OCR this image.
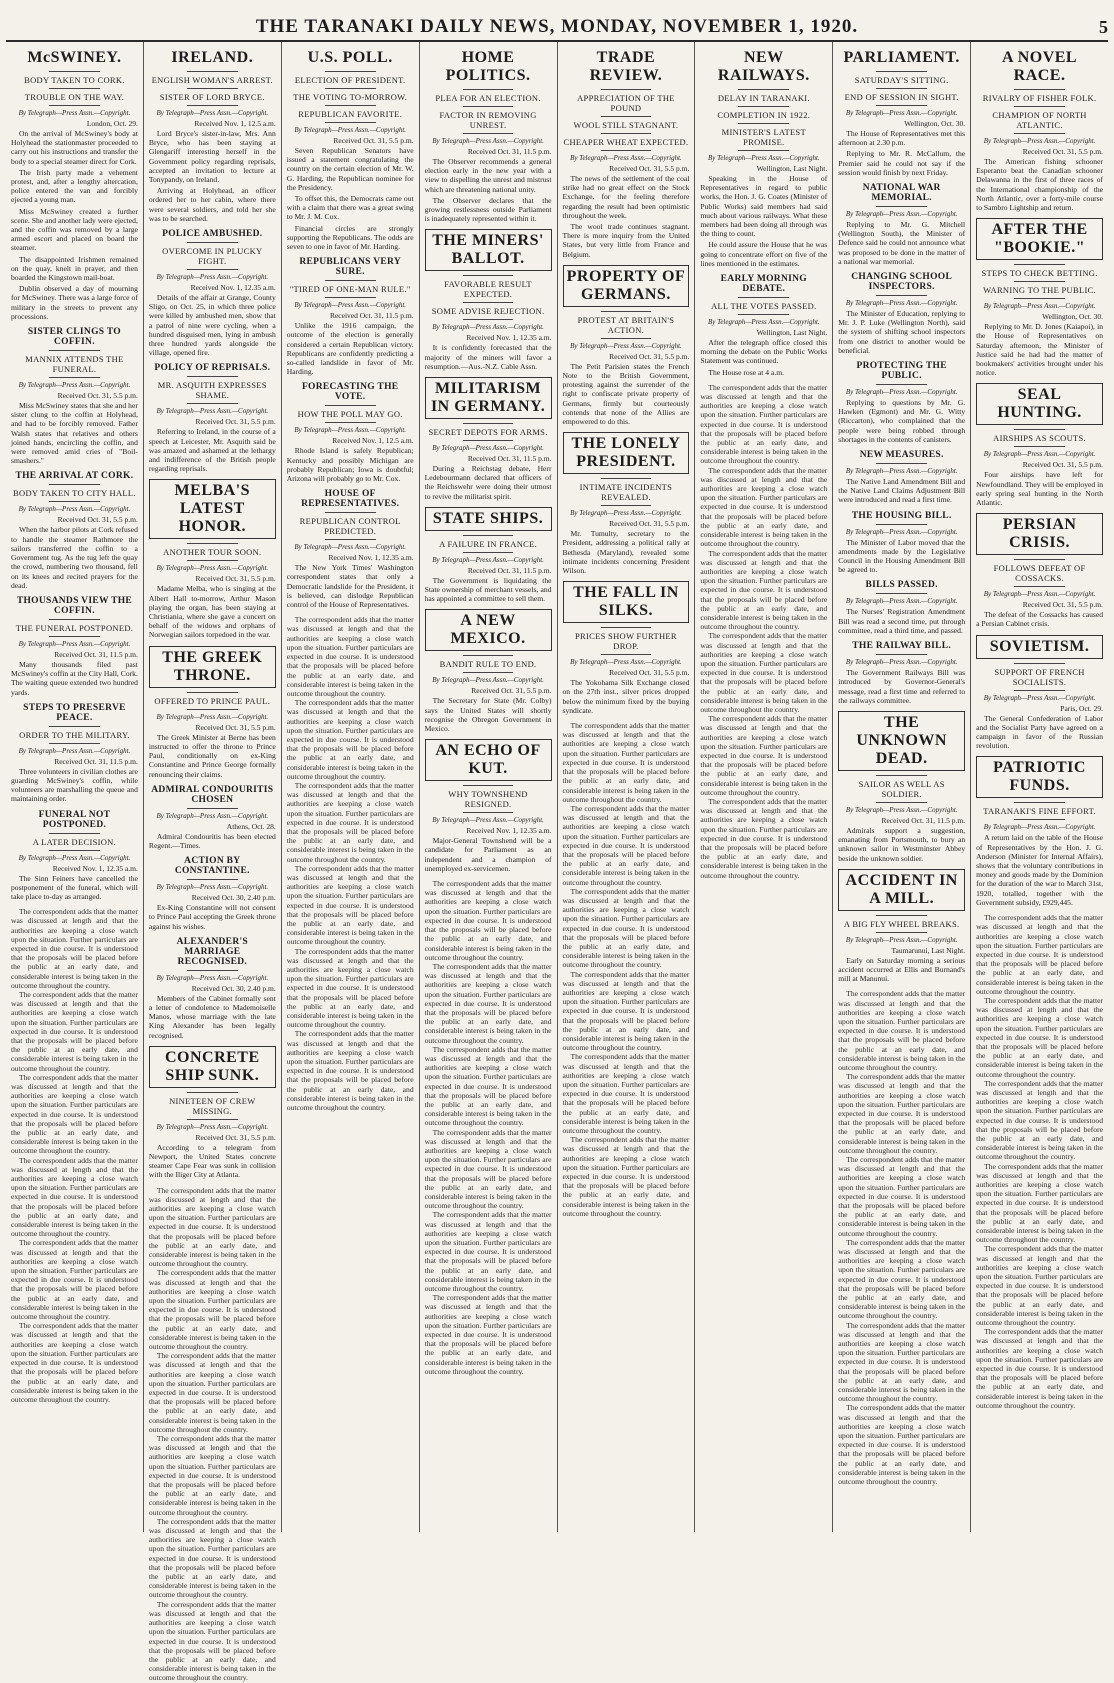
THE TARANAKI DAILY NEWS, MONDAY, NOVEMBER 1, 1920.	5
McSWINEY.
BODY TAKEN TO CORK.
TROUBLE ON THE WAY.
By Telegraph—Press Assn.—Copyright.
London, Oct. 29.

On the arrival of McSwiney's body at Holyhead the stationmaster proceeded to carry out his instructions and transfer the body to a special steamer direct for Cork.

The Irish party made a vehement protest, and, after a lengthy altercation, police entered the van and forcibly ejected a young man.

Miss McSwiney created a further scene. She and another lady were ejected, and the coffin was removed by a large armed escort and placed on board the steamer.

The disappointed Irishmen remained on the quay, knelt in prayer, and then boarded the Kingstown mail-boat.

Dublin observed a day of mourning for McSwiney. There was a large force of military in the streets to prevent any processions.

SISTER CLINGS TO COFFIN.
MANNIX ATTENDS THE FUNERAL.
By Telegraph—Press Assn.—Copyright.
Received Oct. 31, 5.5 p.m.

Miss McSwiney states that she and her sister clung to the coffin at Holyhead, and had to be forcibly removed. Father Walsh states that relatives and others joined hands, encircling the coffin, and were removed amid cries of "Boil-smashers."

THE ARRIVAL AT CORK.
BODY TAKEN TO CITY HALL.
By Telegraph—Press Assn.—Copyright.
Received Oct. 31, 5.5 p.m.

When the harbor pilots at Cork refused to handle the steamer Rathmore the sailors transferred the coffin to a Government tug. As the tug left the quay the crowd, numbering two thousand, fell on its knees and recited prayers for the dead.

THOUSANDS VIEW THE COFFIN.
THE FUNERAL POSTPONED.
By Telegraph—Press Assn.—Copyright.
Received Oct. 31, 11.5 p.m.

Many thousands filed past McSwiney's coffin at the City Hall, Cork. The waiting queue extended two hundred yards.

STEPS TO PRESERVE PEACE.
ORDER TO THE MILITARY.
By Telegraph—Press Assn.—Copyright.
Received Oct. 31, 11.5 p.m.

Three volunteers in civilian clothes are guarding McSwiney's coffin, while volunteers are marshalling the queue and maintaining order.

FUNERAL NOT POSTPONED.
A LATER DECISION.
By Telegraph—Press Assn.—Copyright.
Received Nov. 1, 12.35 a.m.

The Sinn Feiners have cancelled the postponement of the funeral, which will take place to-day as arranged.

The correspondent adds that the matter was discussed at length and that the authorities are keeping a close watch upon the situation. Further particulars are expected in due course. It is understood that the proposals will be placed before the public at an early date, and considerable interest is being taken in the outcome throughout the country.

The correspondent adds that the matter was discussed at length and that the authorities are keeping a close watch upon the situation. Further particulars are expected in due course. It is understood that the proposals will be placed before the public at an early date, and considerable interest is being taken in the outcome throughout the country.

The correspondent adds that the matter was discussed at length and that the authorities are keeping a close watch upon the situation. Further particulars are expected in due course. It is understood that the proposals will be placed before the public at an early date, and considerable interest is being taken in the outcome throughout the country.

The correspondent adds that the matter was discussed at length and that the authorities are keeping a close watch upon the situation. Further particulars are expected in due course. It is understood that the proposals will be placed before the public at an early date, and considerable interest is being taken in the outcome throughout the country.

The correspondent adds that the matter was discussed at length and that the authorities are keeping a close watch upon the situation. Further particulars are expected in due course. It is understood that the proposals will be placed before the public at an early date, and considerable interest is being taken in the outcome throughout the country.

The correspondent adds that the matter was discussed at length and that the authorities are keeping a close watch upon the situation. Further particulars are expected in due course. It is understood that the proposals will be placed before the public at an early date, and considerable interest is being taken in the outcome throughout the country.

IRELAND.
ENGLISH WOMAN'S ARREST.
SISTER OF LORD BRYCE.
By Telegraph—Press Assn.—Copyright.
Received Nov. 1, 12.5 a.m.

Lord Bryce's sister-in-law, Mrs. Ann Bryce, who has been staying at Glengariff interesting herself in the Government policy regarding reprisals, accepted an invitation to lecture at Tonypandy, on Ireland.

Arriving at Holyhead, an officer ordered her to her cabin, where there were several soldiers, and told her she was to be searched.

POLICE AMBUSHED.
OVERCOME IN PLUCKY FIGHT.
By Telegraph—Press Assn.—Copyright.
Received Nov. 1, 12.35 a.m.

Details of the affair at Grange, County Sligo, on Oct. 25, in which three police were killed by ambushed men, show that a patrol of nine were cycling, when a hundred disguised men, lying in ambush three hundred yards alongside the village, opened fire.

POLICY OF REPRISALS.
MR. ASQUITH EXPRESSES SHAME.
By Telegraph—Press Assn.—Copyright.
Received Oct. 31, 5.5 p.m.

Referring to Ireland, in the course of a speech at Leicester, Mr. Asquith said he was amazed and ashamed at the lethargy and indifference of the British people regarding reprisals.

MELBA'S LATEST HONOR.
ANOTHER TOUR SOON.
By Telegraph—Press Assn.—Copyright.
Received Oct. 31, 5.5 p.m.

Madame Melba, who is singing at the Albert Hall to-morrow, Arthur Mason playing the organ, has been staying at Christiania, where she gave a concert on behalf of the widows and orphans of Norwegian sailors torpedoed in the war.

THE GREEK THRONE.
OFFERED TO PRINCE PAUL.
By Telegraph—Press Assn.—Copyright.
Received Oct. 31, 5.5 p.m.

The Greek Minister at Berne has been instructed to offer the throne to Prince Paul, conditionally on ex-King Constantine and Prince George formally renouncing their claims.

ADMIRAL CONDOURITIS CHOSEN
By Telegraph—Press Assn.—Copyright.
Athens, Oct. 28.

Admiral Condouritis has been elected Regent.—Times.

ACTION BY CONSTANTINE.
By Telegraph—Press Assn.—Copyright.
Received Oct. 30, 2.40 p.m.

Ex-King Constantine will not consent to Prince Paul accepting the Greek throne against his wishes.

ALEXANDER'S MARRIAGE RECOGNISED.
By Telegraph—Press Assn.—Copyright.
Received Oct. 30, 2.40 p.m.

Members of the Cabinet formally sent a letter of condolence to Mademoiselle Manos, whose marriage with the late King Alexander has been legally recognised.

CONCRETE SHIP SUNK.
NINETEEN OF CREW MISSING.
By Telegraph—Press Assn.—Copyright.
Received Oct. 31, 5.5 p.m.

According to a telegram from Newport, the United States concrete steamer Cape Fear was sunk in collision with the Iliger City at Atlanta.

The correspondent adds that the matter was discussed at length and that the authorities are keeping a close watch upon the situation. Further particulars are expected in due course. It is understood that the proposals will be placed before the public at an early date, and considerable interest is being taken in the outcome throughout the country.

The correspondent adds that the matter was discussed at length and that the authorities are keeping a close watch upon the situation. Further particulars are expected in due course. It is understood that the proposals will be placed before the public at an early date, and considerable interest is being taken in the outcome throughout the country.

The correspondent adds that the matter was discussed at length and that the authorities are keeping a close watch upon the situation. Further particulars are expected in due course. It is understood that the proposals will be placed before the public at an early date, and considerable interest is being taken in the outcome throughout the country.

The correspondent adds that the matter was discussed at length and that the authorities are keeping a close watch upon the situation. Further particulars are expected in due course. It is understood that the proposals will be placed before the public at an early date, and considerable interest is being taken in the outcome throughout the country.

The correspondent adds that the matter was discussed at length and that the authorities are keeping a close watch upon the situation. Further particulars are expected in due course. It is understood that the proposals will be placed before the public at an early date, and considerable interest is being taken in the outcome throughout the country.

The correspondent adds that the matter was discussed at length and that the authorities are keeping a close watch upon the situation. Further particulars are expected in due course. It is understood that the proposals will be placed before the public at an early date, and considerable interest is being taken in the outcome throughout the country.

U.S. POLL.
ELECTION OF PRESIDENT.
THE VOTING TO-MORROW.
REPUBLICAN FAVORITE.
By Telegraph—Press Assn.—Copyright.
Received Oct. 31, 5.5 p.m.

Seven Republican Senators have issued a statement congratulating the country on the certain election of Mr. W. G. Harding, the Republican nominee for the Presidency.

To offset this, the Democrats came out with a claim that there was a great swing to Mr. J. M. Cox.

Financial circles are strongly supporting the Republicans. The odds are seven to one in favor of Mr. Harding.

REPUBLICANS VERY SURE.
"TIRED OF ONE-MAN RULE."
By Telegraph—Press Assn.—Copyright.
Received Oct. 31, 11.5 p.m.

Unlike the 1916 campaign, the outcome of the election is generally considered a certain Republican victory. Republicans are confidently predicting a so-called landslide in favor of Mr. Harding.

FORECASTING THE VOTE.
HOW THE POLL MAY GO.
By Telegraph—Press Assn.—Copyright.
Received Nov. 1, 12.5 a.m.

Rhode Island is safely Republican; Kentucky and possibly Michigan are probably Republican; Iowa is doubtful; Arizona will probably go to Mr. Cox.

HOUSE OF REPRESENTATIVES.
REPUBLICAN CONTROL PREDICTED.
By Telegraph—Press Assn.—Copyright.
Received Nov. 1, 12.35 a.m.

The New York Times' Washington correspondent states that only a Democratic landslide for the President, it is believed, can dislodge Republican control of the House of Representatives.

The correspondent adds that the matter was discussed at length and that the authorities are keeping a close watch upon the situation. Further particulars are expected in due course. It is understood that the proposals will be placed before the public at an early date, and considerable interest is being taken in the outcome throughout the country.

The correspondent adds that the matter was discussed at length and that the authorities are keeping a close watch upon the situation. Further particulars are expected in due course. It is understood that the proposals will be placed before the public at an early date, and considerable interest is being taken in the outcome throughout the country.

The correspondent adds that the matter was discussed at length and that the authorities are keeping a close watch upon the situation. Further particulars are expected in due course. It is understood that the proposals will be placed before the public at an early date, and considerable interest is being taken in the outcome throughout the country.

The correspondent adds that the matter was discussed at length and that the authorities are keeping a close watch upon the situation. Further particulars are expected in due course. It is understood that the proposals will be placed before the public at an early date, and considerable interest is being taken in the outcome throughout the country.

The correspondent adds that the matter was discussed at length and that the authorities are keeping a close watch upon the situation. Further particulars are expected in due course. It is understood that the proposals will be placed before the public at an early date, and considerable interest is being taken in the outcome throughout the country.

The correspondent adds that the matter was discussed at length and that the authorities are keeping a close watch upon the situation. Further particulars are expected in due course. It is understood that the proposals will be placed before the public at an early date, and considerable interest is being taken in the outcome throughout the country.

HOME POLITICS.
PLEA FOR AN ELECTION.
FACTOR IN REMOVING UNREST.
By Telegraph—Press Assn.—Copyright.
Received Oct. 31, 11.5 p.m.

The Observer recommends a general election early in the new year with a view to dispelling the unrest and mistrust which are threatening national unity.

The Observer declares that the growing restlessness outside Parliament is inadequately represented within it.

THE MINERS' BALLOT.
FAVORABLE RESULT EXPECTED.
SOME ADVISE REJECTION.
By Telegraph—Press Assn.—Copyright.
Received Nov. 1, 12.35 a.m.

It is confidently forecasted that the majority of the miners will favor a resumption.—Aus.-N.Z. Cable Assn.

MILITARISM IN GERMANY.
SECRET DEPOTS FOR ARMS.
By Telegraph—Press Assn.—Copyright.
Received Oct. 31, 11.5 p.m.

During a Reichstag debate, Herr Ledebourmann declared that officers of the Reichswehr were doing their utmost to revive the militarist spirit.

STATE SHIPS.
A FAILURE IN FRANCE.
By Telegraph—Press Assn.—Copyright.
Received Oct. 31, 11.5 p.m.

The Government is liquidating the State ownership of merchant vessels, and has appointed a committee to sell them.

A NEW MEXICO.
BANDIT RULE TO END.
By Telegraph—Press Assn.—Copyright.
Received Oct. 31, 5.5 p.m.

The Secretary for State (Mr. Colby) says the United States will shortly recognise the Obregon Government in Mexico.

AN ECHO OF KUT.
WHY TOWNSHEND RESIGNED.
By Telegraph—Press Assn.—Copyright.
Received Nov. 1, 12.35 a.m.

Major-General Townshend will be a candidate for Parliament as an independent and a champion of unemployed ex-servicemen.

The correspondent adds that the matter was discussed at length and that the authorities are keeping a close watch upon the situation. Further particulars are expected in due course. It is understood that the proposals will be placed before the public at an early date, and considerable interest is being taken in the outcome throughout the country.

The correspondent adds that the matter was discussed at length and that the authorities are keeping a close watch upon the situation. Further particulars are expected in due course. It is understood that the proposals will be placed before the public at an early date, and considerable interest is being taken in the outcome throughout the country.

The correspondent adds that the matter was discussed at length and that the authorities are keeping a close watch upon the situation. Further particulars are expected in due course. It is understood that the proposals will be placed before the public at an early date, and considerable interest is being taken in the outcome throughout the country.

The correspondent adds that the matter was discussed at length and that the authorities are keeping a close watch upon the situation. Further particulars are expected in due course. It is understood that the proposals will be placed before the public at an early date, and considerable interest is being taken in the outcome throughout the country.

The correspondent adds that the matter was discussed at length and that the authorities are keeping a close watch upon the situation. Further particulars are expected in due course. It is understood that the proposals will be placed before the public at an early date, and considerable interest is being taken in the outcome throughout the country.

The correspondent adds that the matter was discussed at length and that the authorities are keeping a close watch upon the situation. Further particulars are expected in due course. It is understood that the proposals will be placed before the public at an early date, and considerable interest is being taken in the outcome throughout the country.

TRADE REVIEW.
APPRECIATION OF THE POUND
WOOL STILL STAGNANT.
CHEAPER WHEAT EXPECTED.
By Telegraph—Press Assn.—Copyright.
Received Oct. 31, 5.5 p.m.

The news of the settlement of the coal strike had no great effect on the Stock Exchange, for the feeling therefore regarding the result had been optimistic throughout the week.

The wool trade continues stagnant. There is more inquiry from the United States, but very little from France and Belgium.

PROPERTY OF GERMANS.
PROTEST AT BRITAIN'S ACTION.
By Telegraph—Press Assn.—Copyright.
Received Oct. 31, 5.5 p.m.

The Petit Parisien states the French Note to the British Government, protesting against the surrender of the right to confiscate private property of Germans, firmly but courteously contends that none of the Allies are empowered to do this.

THE LONELY PRESIDENT.
INTIMATE INCIDENTS REVEALED.
By Telegraph—Press Assn.—Copyright.
Received Oct. 31, 5.5 p.m.

Mr. Tumulty, secretary to the President, addressing a political rally at Bethesda (Maryland), revealed some intimate incidents concerning President Wilson.

THE FALL IN SILKS.
PRICES SHOW FURTHER DROP.
By Telegraph—Press Assn.—Copyright.
Received Oct. 31, 5.5 p.m.

The Yokohama Silk Exchange closed on the 27th inst., silver prices dropped below the minimum fixed by the buying syndicate.

The correspondent adds that the matter was discussed at length and that the authorities are keeping a close watch upon the situation. Further particulars are expected in due course. It is understood that the proposals will be placed before the public at an early date, and considerable interest is being taken in the outcome throughout the country.

The correspondent adds that the matter was discussed at length and that the authorities are keeping a close watch upon the situation. Further particulars are expected in due course. It is understood that the proposals will be placed before the public at an early date, and considerable interest is being taken in the outcome throughout the country.

The correspondent adds that the matter was discussed at length and that the authorities are keeping a close watch upon the situation. Further particulars are expected in due course. It is understood that the proposals will be placed before the public at an early date, and considerable interest is being taken in the outcome throughout the country.

The correspondent adds that the matter was discussed at length and that the authorities are keeping a close watch upon the situation. Further particulars are expected in due course. It is understood that the proposals will be placed before the public at an early date, and considerable interest is being taken in the outcome throughout the country.

The correspondent adds that the matter was discussed at length and that the authorities are keeping a close watch upon the situation. Further particulars are expected in due course. It is understood that the proposals will be placed before the public at an early date, and considerable interest is being taken in the outcome throughout the country.

The correspondent adds that the matter was discussed at length and that the authorities are keeping a close watch upon the situation. Further particulars are expected in due course. It is understood that the proposals will be placed before the public at an early date, and considerable interest is being taken in the outcome throughout the country.

NEW RAILWAYS.
DELAY IN TARANAKI.
COMPLETION IN 1922.
MINISTER'S LATEST PROMISE.
By Telegraph—Press Assn.—Copyright.
Wellington, Last Night.

Speaking in the House of Representatives in regard to public works, the Hon. J. G. Coates (Minister of Public Works) said members had said much about various railways. What these members had been doing all through was the thing to count.

He could assure the House that he was going to concentrate effort on five of the lines mentioned in the estimates.

EARLY MORNING DEBATE.
ALL THE VOTES PASSED.
By Telegraph—Press Assn.—Copyright.
Wellington, Last Night.

After the telegraph office closed this morning the debate on the Public Works Statement was continued.

The House rose at 4 a.m.

The correspondent adds that the matter was discussed at length and that the authorities are keeping a close watch upon the situation. Further particulars are expected in due course. It is understood that the proposals will be placed before the public at an early date, and considerable interest is being taken in the outcome throughout the country.

The correspondent adds that the matter was discussed at length and that the authorities are keeping a close watch upon the situation. Further particulars are expected in due course. It is understood that the proposals will be placed before the public at an early date, and considerable interest is being taken in the outcome throughout the country.

The correspondent adds that the matter was discussed at length and that the authorities are keeping a close watch upon the situation. Further particulars are expected in due course. It is understood that the proposals will be placed before the public at an early date, and considerable interest is being taken in the outcome throughout the country.

The correspondent adds that the matter was discussed at length and that the authorities are keeping a close watch upon the situation. Further particulars are expected in due course. It is understood that the proposals will be placed before the public at an early date, and considerable interest is being taken in the outcome throughout the country.

The correspondent adds that the matter was discussed at length and that the authorities are keeping a close watch upon the situation. Further particulars are expected in due course. It is understood that the proposals will be placed before the public at an early date, and considerable interest is being taken in the outcome throughout the country.

The correspondent adds that the matter was discussed at length and that the authorities are keeping a close watch upon the situation. Further particulars are expected in due course. It is understood that the proposals will be placed before the public at an early date, and considerable interest is being taken in the outcome throughout the country.

PARLIAMENT.
SATURDAY'S SITTING.
END OF SESSION IN SIGHT.
By Telegraph—Press Assn.—Copyright.
Wellington, Oct. 30.

The House of Representatives met this afternoon at 2.30 p.m.

Replying to Mr. R. McCallum, the Premier said he could not say if the session would finish by next Friday.

NATIONAL WAR MEMORIAL.
By Telegraph—Press Assn.—Copyright.

Replying to Mr. G. Mitchell (Wellington South), the Minister of Defence said he could not announce what was proposed to be done in the matter of a national war memorial.

CHANGING SCHOOL INSPECTORS.
By Telegraph—Press Assn.—Copyright.

The Minister of Education, replying to Mr. J. P. Luke (Wellington North), said the system of shifting school inspectors from one district to another would be beneficial.

PROTECTING THE PUBLIC.
By Telegraph—Press Assn.—Copyright.

Replying to questions by Mr. G. Hawken (Egmont) and Mr. G. Witty (Riccarton), who complained that the people were being robbed through shortages in the contents of canisters.

NEW MEASURES.
By Telegraph—Press Assn.—Copyright.

The Native Land Amendment Bill and the Native Land Claims Adjustment Bill were introduced and read a first time.

THE HOUSING BILL.
By Telegraph—Press Assn.—Copyright.

The Minister of Labor moved that the amendments made by the Legislative Council in the Housing Amendment Bill be agreed to.

BILLS PASSED.
By Telegraph—Press Assn.—Copyright.

The Nurses' Registration Amendment Bill was read a second time, put through committee, read a third time, and passed.

THE RAILWAY BILL.
By Telegraph—Press Assn.—Copyright.

The Government Railways Bill was introduced by Governor-General's message, read a first time and referred to the railways committee.

THE UNKNOWN DEAD.
SAILOR AS WELL AS SOLDIER.
By Telegraph—Press Assn.—Copyright.
Received Oct. 31, 11.5 p.m.

Admirals support a suggestion, emanating from Portsmouth, to bury an unknown sailor in Westminster Abbey beside the unknown soldier.

ACCIDENT IN A MILL.
A BIG FLY WHEEL BREAKS.
By Telegraph—Press Assn.—Copyright.
Taumarunui, Last Night.

Early on Saturday morning a serious accident occurred at Ellis and Burnand's mill at Manunui.

The correspondent adds that the matter was discussed at length and that the authorities are keeping a close watch upon the situation. Further particulars are expected in due course. It is understood that the proposals will be placed before the public at an early date, and considerable interest is being taken in the outcome throughout the country.

The correspondent adds that the matter was discussed at length and that the authorities are keeping a close watch upon the situation. Further particulars are expected in due course. It is understood that the proposals will be placed before the public at an early date, and considerable interest is being taken in the outcome throughout the country.

The correspondent adds that the matter was discussed at length and that the authorities are keeping a close watch upon the situation. Further particulars are expected in due course. It is understood that the proposals will be placed before the public at an early date, and considerable interest is being taken in the outcome throughout the country.

The correspondent adds that the matter was discussed at length and that the authorities are keeping a close watch upon the situation. Further particulars are expected in due course. It is understood that the proposals will be placed before the public at an early date, and considerable interest is being taken in the outcome throughout the country.

The correspondent adds that the matter was discussed at length and that the authorities are keeping a close watch upon the situation. Further particulars are expected in due course. It is understood that the proposals will be placed before the public at an early date, and considerable interest is being taken in the outcome throughout the country.

The correspondent adds that the matter was discussed at length and that the authorities are keeping a close watch upon the situation. Further particulars are expected in due course. It is understood that the proposals will be placed before the public at an early date, and considerable interest is being taken in the outcome throughout the country.

A NOVEL RACE.
RIVALRY OF FISHER FOLK.
CHAMPION OF NORTH ATLANTIC.
By Telegraph—Press Assn.—Copyright.
Received Oct. 31, 5.5 p.m.

The American fishing schooner Esperanto beat the Canadian schooner Delawanna in the first of three races of the International championship of the North Atlantic, over a forty-mile course to Sambro Lightship and return.

AFTER THE "BOOKIE."
STEPS TO CHECK BETTING.
WARNING TO THE PUBLIC.
By Telegraph—Press Assn.—Copyright.
Wellington, Oct. 30.

Replying to Mr. D. Jones (Kaiapoi), in the House of Representatives on Saturday afternoon, the Minister of Justice said he had had the matter of bookmakers' activities brought under his notice.

SEAL HUNTING.
AIRSHIPS AS SCOUTS.
By Telegraph—Press Assn.—Copyright.
Received Oct. 31, 5.5 p.m.

Four airships have left for Newfoundland. They will be employed in early spring seal hunting in the North Atlantic.

PERSIAN CRISIS.
FOLLOWS DEFEAT OF COSSACKS.
By Telegraph—Press Assn.—Copyright.
Received Oct. 31, 5.5 p.m.

The defeat of the Cossacks has caused a Persian Cabinet crisis.

SOVIETISM.
SUPPORT OF FRENCH SOCIALISTS.
By Telegraph—Press Assn.—Copyright.
Paris, Oct. 29.

The General Confederation of Labor and the Socialist Party have agreed on a campaign in favor of the Russian revolution.

PATRIOTIC FUNDS.
TARANAKI'S FINE EFFORT.
By Telegraph—Press Assn.—Copyright.

A return laid on the table of the House of Representatives by the Hon. J. G. Anderson (Minister for Internal Affairs), shows that the voluntary contributions in money and goods made by the Dominion for the duration of the war to March 31st, 1920, totalled, together with the Government subsidy, £929,445.

The correspondent adds that the matter was discussed at length and that the authorities are keeping a close watch upon the situation. Further particulars are expected in due course. It is understood that the proposals will be placed before the public at an early date, and considerable interest is being taken in the outcome throughout the country.

The correspondent adds that the matter was discussed at length and that the authorities are keeping a close watch upon the situation. Further particulars are expected in due course. It is understood that the proposals will be placed before the public at an early date, and considerable interest is being taken in the outcome throughout the country.

The correspondent adds that the matter was discussed at length and that the authorities are keeping a close watch upon the situation. Further particulars are expected in due course. It is understood that the proposals will be placed before the public at an early date, and considerable interest is being taken in the outcome throughout the country.

The correspondent adds that the matter was discussed at length and that the authorities are keeping a close watch upon the situation. Further particulars are expected in due course. It is understood that the proposals will be placed before the public at an early date, and considerable interest is being taken in the outcome throughout the country.

The correspondent adds that the matter was discussed at length and that the authorities are keeping a close watch upon the situation. Further particulars are expected in due course. It is understood that the proposals will be placed before the public at an early date, and considerable interest is being taken in the outcome throughout the country.

The correspondent adds that the matter was discussed at length and that the authorities are keeping a close watch upon the situation. Further particulars are expected in due course. It is understood that the proposals will be placed before the public at an early date, and considerable interest is being taken in the outcome throughout the country.
